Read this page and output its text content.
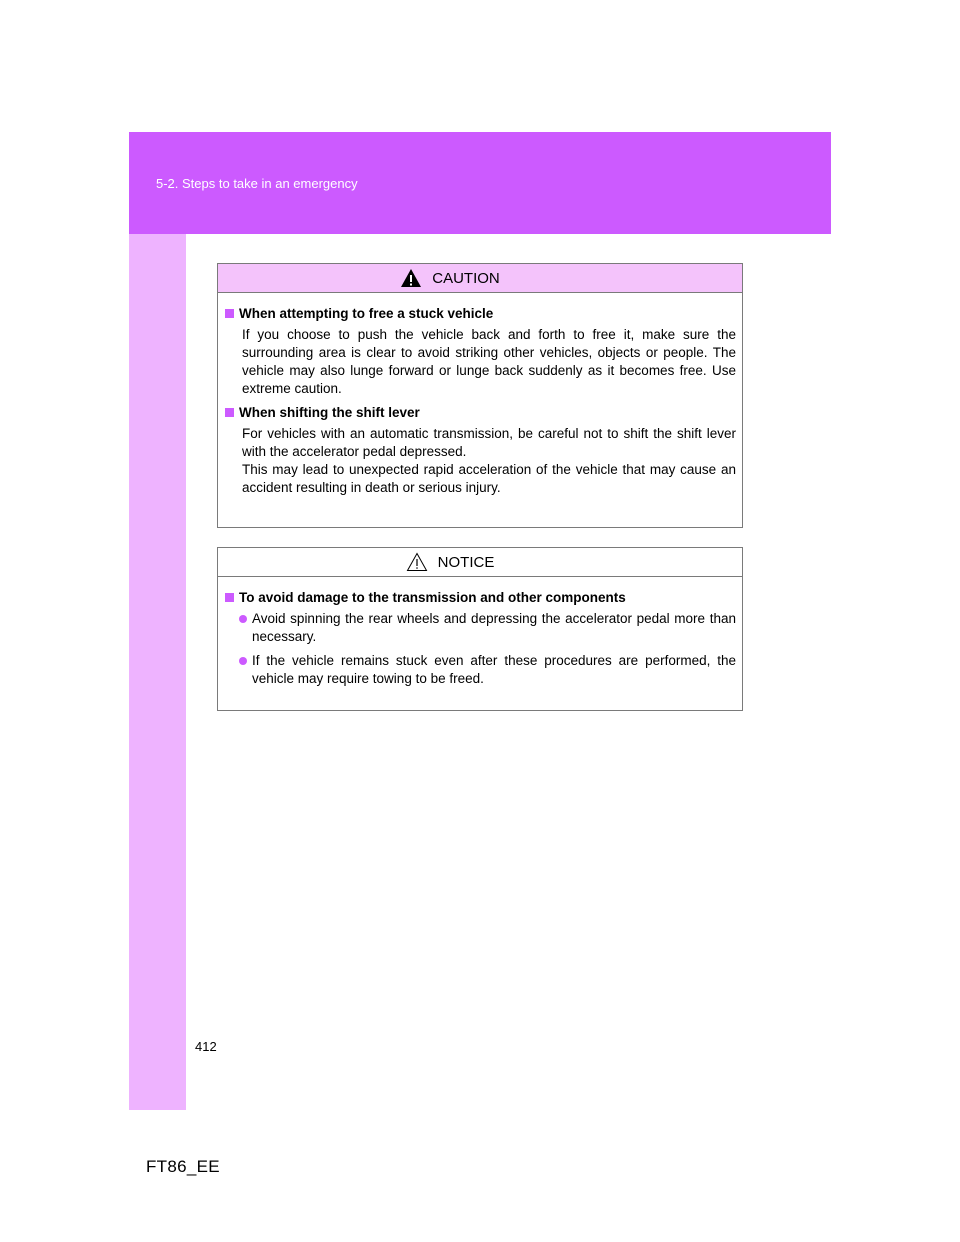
5-2. Steps to take in an emergency
CAUTION
When attempting to free a stuck vehicle
If you choose to push the vehicle back and forth to free it, make sure the surrounding area is clear to avoid striking other vehicles, objects or people. The vehicle may also lunge forward or lunge back suddenly as it becomes free. Use extreme caution.
When shifting the shift lever
For vehicles with an automatic transmission, be careful not to shift the shift lever with the accelerator pedal depressed.
This may lead to unexpected rapid acceleration of the vehicle that may cause an accident resulting in death or serious injury.
NOTICE
To avoid damage to the transmission and other components
Avoid spinning the rear wheels and depressing the accelerator pedal more than necessary.
If the vehicle remains stuck even after these procedures are performed, the vehicle may require towing to be freed.
412
FT86_EE
